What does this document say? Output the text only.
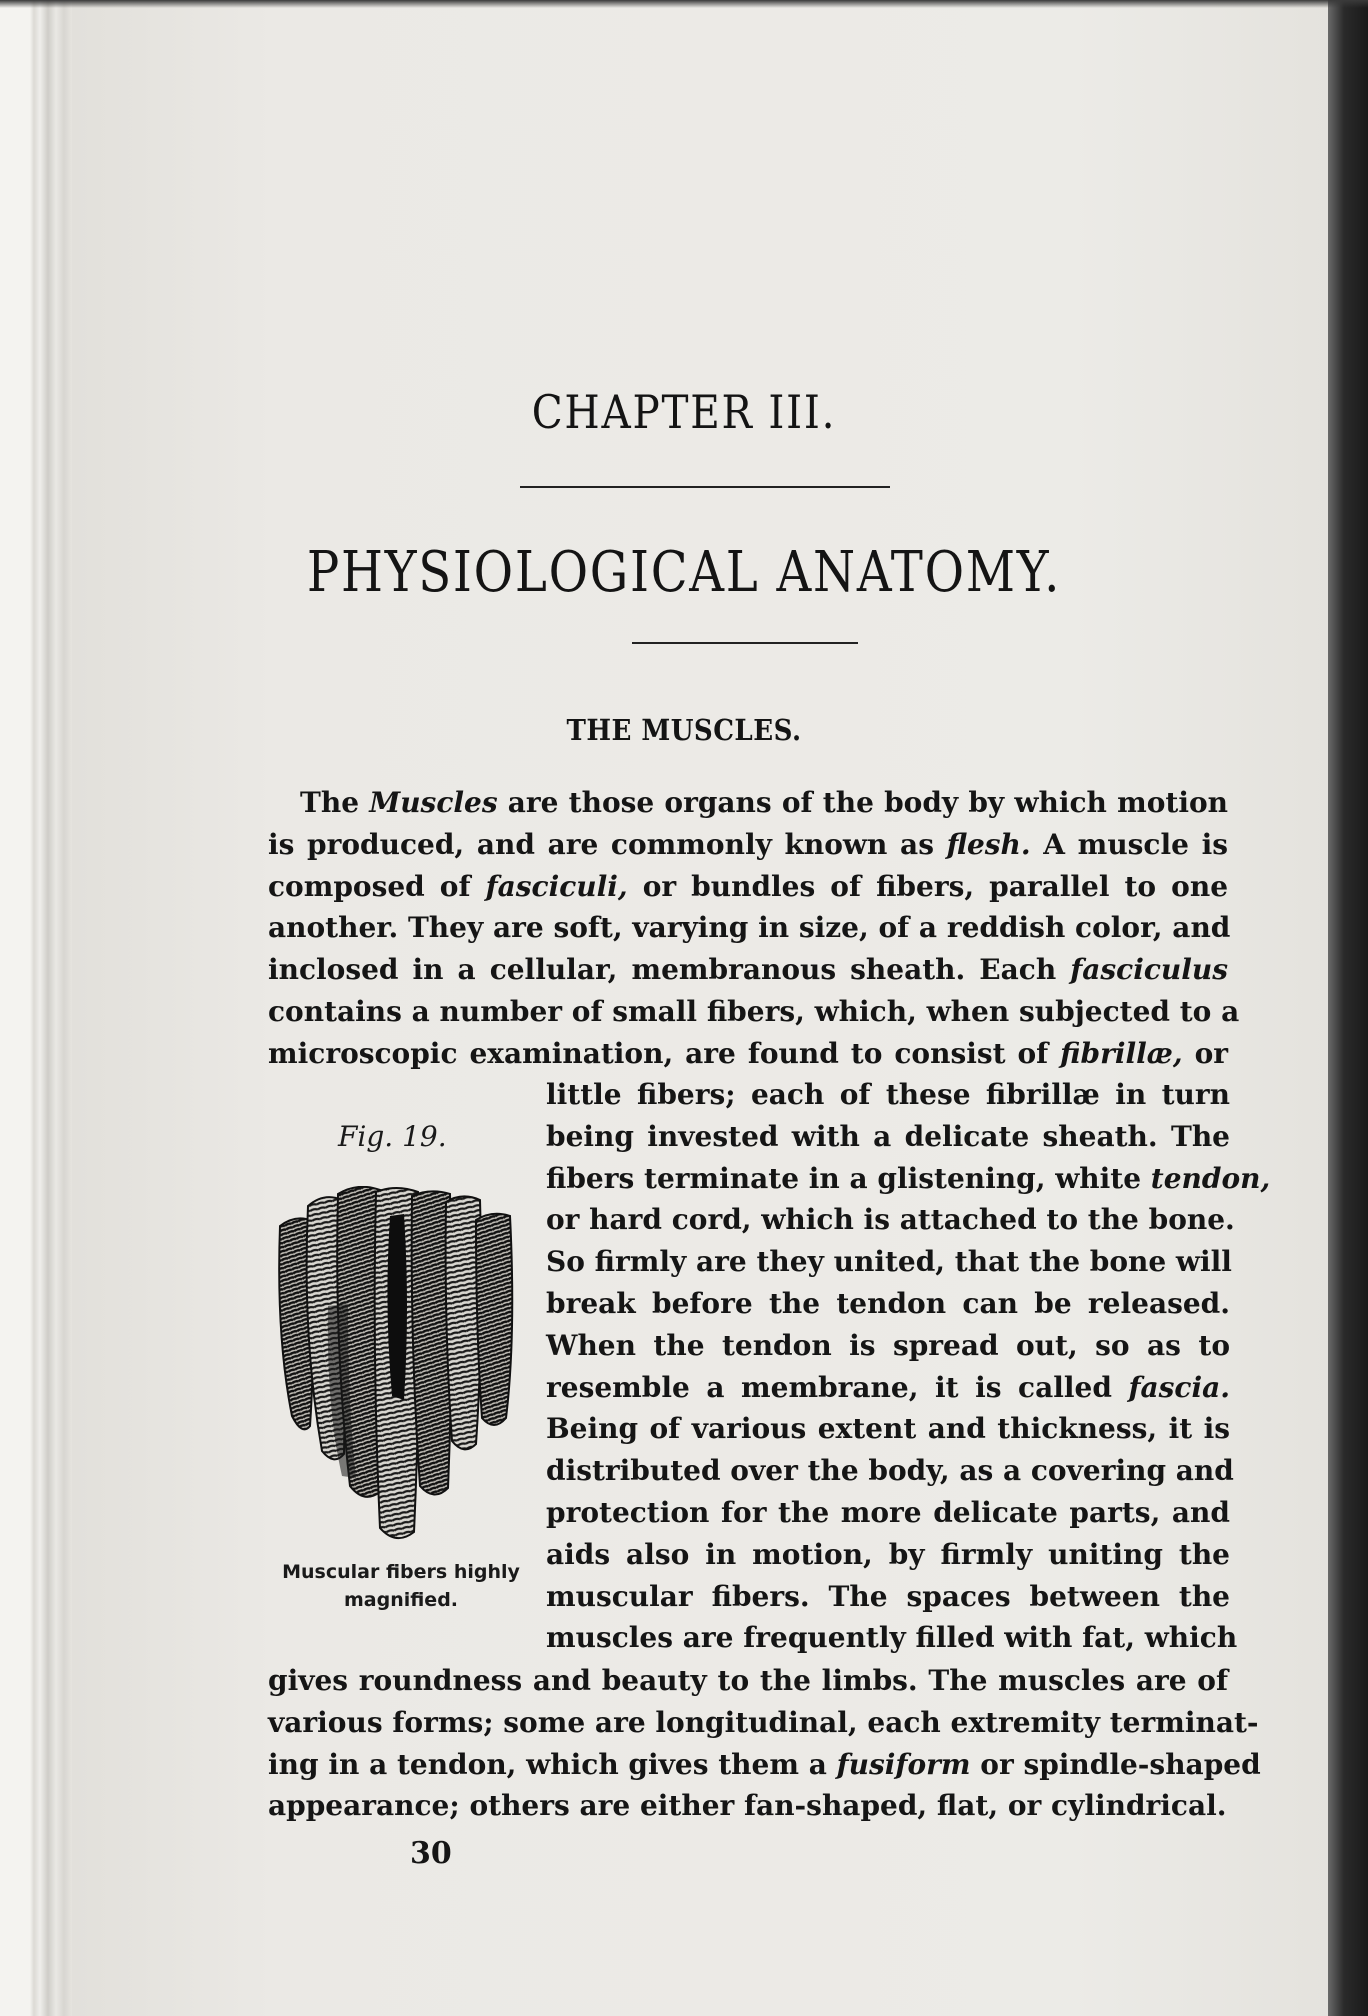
CHAPTER III.
PHYSIOLOGICAL ANATOMY.
THE MUSCLES.
The Muscles are those organs of the body by which motion
is produced, and are commonly known as flesh. A muscle is
composed of fasciculi, or bundles of fibers, parallel to one
another. They are soft, varying in size, of a reddish color, and
inclosed in a cellular, membranous sheath. Each fasciculus
contains a number of small fibers, which, when subjected to a
microscopic examination, are found to consist of fibrillæ, or
Fig. 19.
Muscular fibers highly
magnified.
little fibers; each of these fibrillæ in turn
being invested with a delicate sheath. The
fibers terminate in a glistening, white tendon,
or hard cord, which is attached to the bone.
So firmly are they united, that the bone will
break before the tendon can be released.
When the tendon is spread out, so as to
resemble a membrane, it is called fascia.
Being of various extent and thickness, it is
distributed over the body, as a covering and
protection for the more delicate parts, and
aids also in motion, by firmly uniting the
muscular fibers. The spaces between the
muscles are frequently filled with fat, which
gives roundness and beauty to the limbs. The muscles are of
various forms; some are longitudinal, each extremity terminat-
ing in a tendon, which gives them a fusiform or spindle-shaped
appearance; others are either fan-shaped, flat, or cylindrical.
30
